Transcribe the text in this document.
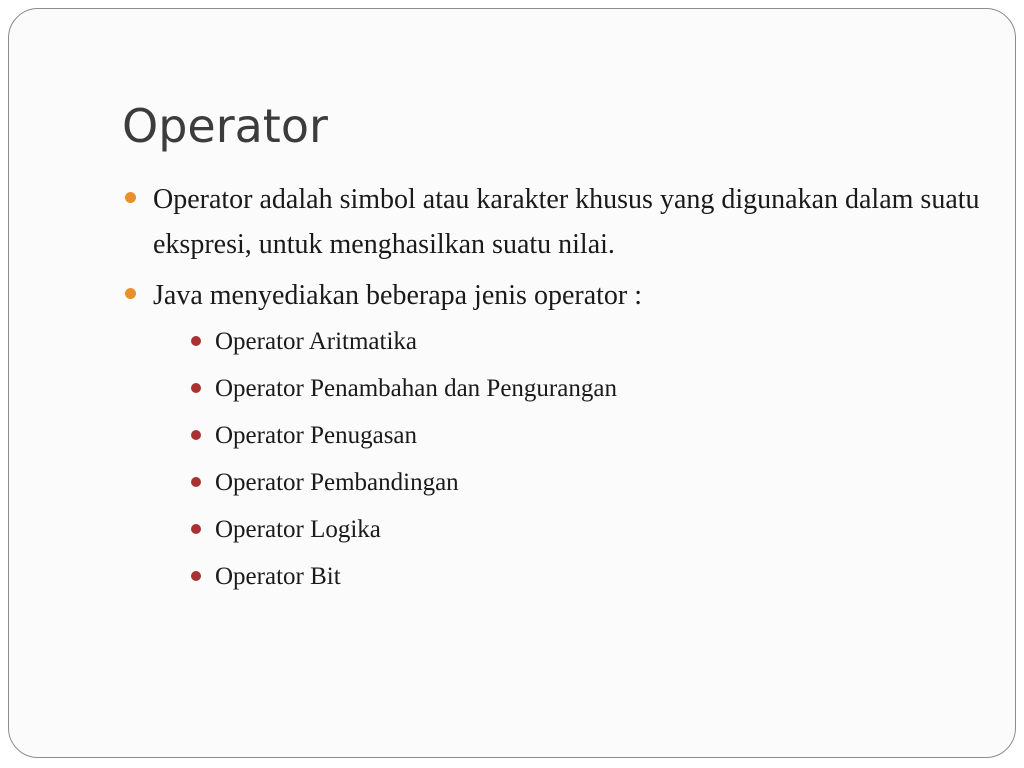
Operator
Operator adalah simbol atau karakter khusus yang digunakan dalam suatu ekspresi, untuk menghasilkan suatu nilai.
Java menyediakan beberapa jenis operator :
Operator Aritmatika
Operator Penambahan dan Pengurangan
Operator Penugasan
Operator Pembandingan
Operator Logika
Operator Bit
